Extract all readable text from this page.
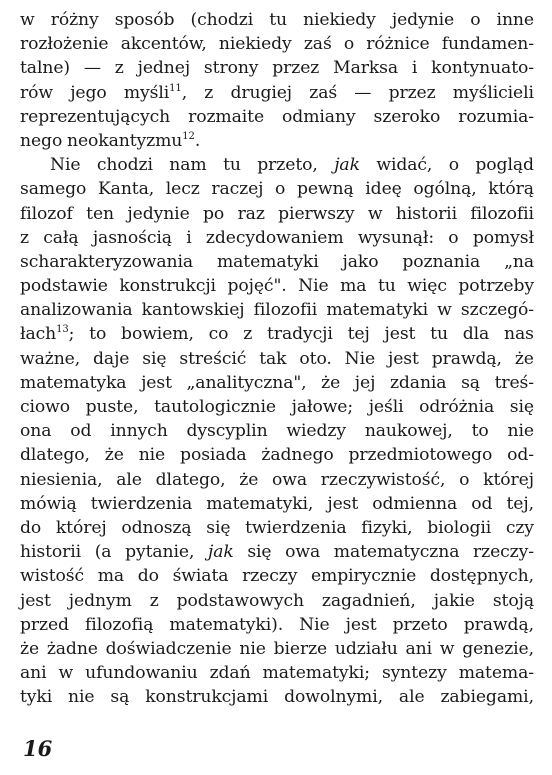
w różny sposób (chodzi tu niekiedy jedynie o inne
rozłożenie akcentów, niekiedy zaś o różnice fundamen-
talne) — z jednej strony przez Marksa i kontynuato-
rów jego myśli$^{11}$, z drugiej zaś — przez myślicieli
reprezentujących rozmaite odmiany szeroko rozumia-
nego neokantyzmu$^{12}$.
Nie chodzi nam tu przeto, jak widać, o pogląd
samego Kanta, lecz raczej o pewną ideę ogólną, którą
filozof ten jedynie po raz pierwszy w historii filozofii
z całą jasnością i zdecydowaniem wysunął: o pomysł
scharakteryzowania matematyki jako poznania „na
podstawie konstrukcji pojęć". Nie ma tu więc potrzeby
analizowania kantowskiej filozofii matematyki w szczegó-
łach$^{13}$; to bowiem, co z tradycji tej jest tu dla nas
ważne, daje się streścić tak oto. Nie jest prawdą, że
matematyka jest „analityczna", że jej zdania są treś-
ciowo puste, tautologicznie jałowe; jeśli odróżnia się
ona od innych dyscyplin wiedzy naukowej, to nie
dlatego, że nie posiada żadnego przedmiotowego od-
niesienia, ale dlatego, że owa rzeczywistość, o której
mówią twierdzenia matematyki, jest odmienna od tej,
do której odnoszą się twierdzenia fizyki, biologii czy
historii (a pytanie, jak się owa matematyczna rzeczy-
wistość ma do świata rzeczy empirycznie dostępnych,
jest jednym z podstawowych zagadnień, jakie stoją
przed filozofią matematyki). Nie jest przeto prawdą,
że żadne doświadczenie nie bierze udziału ani w genezie,
ani w ufundowaniu zdań matematyki; syntezy matema-
tyki nie są konstrukcjami dowolnymi, ale zabiegami,
16
